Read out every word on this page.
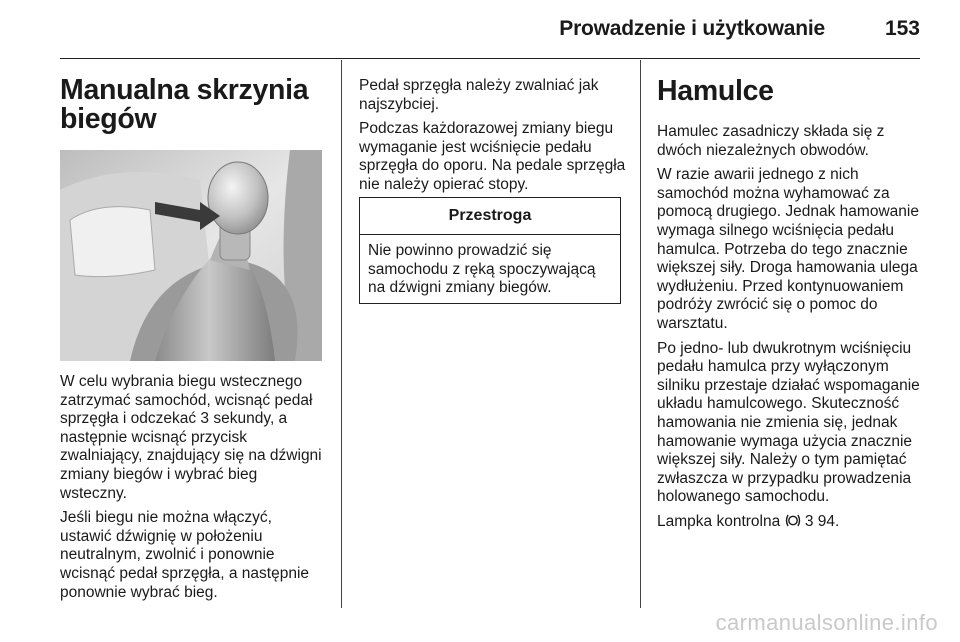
Prowadzenie i użytkowanie	153
Manualna skrzynia biegów

W celu wybrania biegu wstecznego zatrzymać samochód, wcisnąć pedał sprzęgła i odczekać 3 sekundy, a następnie wcisnąć przycisk zwalniający, znajdujący się na dźwigni zmiany biegów i wybrać bieg wsteczny.

Jeśli biegu nie można włączyć, ustawić dźwignię w położeniu neutralnym, zwolnić i ponownie wcisnąć pedał sprzęgła, a następnie ponownie wybrać bieg.

Pedał sprzęgła należy zwalniać jak najszybciej.

Podczas każdorazowej zmiany biegu wymaganie jest wciśnięcie pedału sprzęgła do oporu. Na pedale sprzęgła nie należy opierać stopy.

Przestroga
Nie powinno prowadzić się samochodu z ręką spoczywającą na dźwigni zmiany biegów.
Hamulce

Hamulec zasadniczy składa się z dwóch niezależnych obwodów.

W razie awarii jednego z nich samochód można wyhamować za pomocą drugiego. Jednak hamowanie wymaga silnego wciśnięcia pedału hamulca. Potrzeba do tego znacznie większej siły. Droga hamowania ulega wydłużeniu. Przed kontynuowaniem podróży zwrócić się o pomoc do warsztatu.

Po jedno- lub dwukrotnym wciśnięciu pedału hamulca przy wyłączonym silniku przestaje działać wspomaganie układu hamulcowego. Skuteczność hamowania nie zmienia się, jednak hamowanie wymaga użycia znacznie większej siły. Należy o tym pamiętać zwłaszcza w przypadku prowadzenia holowanego samochodu.

Lampka kontrolna 3 94.

carmanualsonline.info
